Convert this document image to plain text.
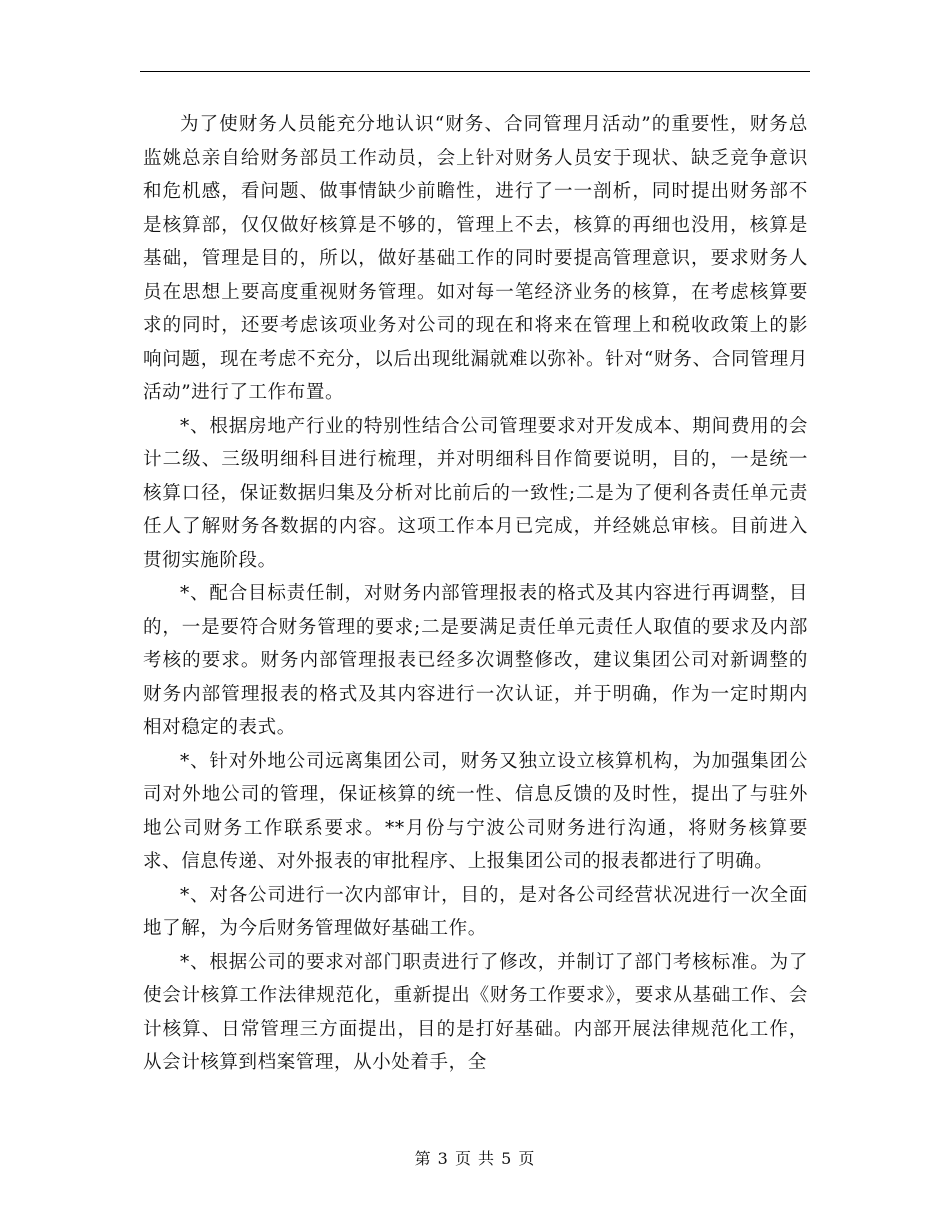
为了使财务人员能充分地认识“财务、合同管理月活动”的重要性，财务总监姚总亲自给财务部员工作动员，会上针对财务人员安于现状、缺乏竞争意识和危机感，看问题、做事情缺少前瞻性，进行了一一剖析，同时提出财务部不是核算部，仅仅做好核算是不够的，管理上不去，核算的再细也没用，核算是基础，管理是目的，所以，做好基础工作的同时要提高管理意识，要求财务人员在思想上要高度重视财务管理。如对每一笔经济业务的核算，在考虑核算要求的同时，还要考虑该项业务对公司的现在和将来在管理上和税收政策上的影响问题，现在考虑不充分，以后出现纰漏就难以弥补。针对“财务、合同管理月活动”进行了工作布置。

*、根据房地产行业的特别性结合公司管理要求对开发成本、期间费用的会计二级、三级明细科目进行梳理，并对明细科目作简要说明，目的，一是统一核算口径，保证数据归集及分析对比前后的一致性;二是为了便利各责任单元责任人了解财务各数据的内容。这项工作本月已完成，并经姚总审核。目前进入贯彻实施阶段。

*、配合目标责任制，对财务内部管理报表的格式及其内容进行再调整，目的，一是要符合财务管理的要求;二是要满足责任单元责任人取值的要求及内部考核的要求。财务内部管理报表已经多次调整修改，建议集团公司对新调整的财务内部管理报表的格式及其内容进行一次认证，并于明确，作为一定时期内相对稳定的表式。

*、针对外地公司远离集团公司，财务又独立设立核算机构，为加强集团公司对外地公司的管理，保证核算的统一性、信息反馈的及时性，提出了与驻外地公司财务工作联系要求。**月份与宁波公司财务进行沟通，将财务核算要求、信息传递、对外报表的审批程序、上报集团公司的报表都进行了明确。

*、对各公司进行一次内部审计，目的，是对各公司经营状况进行一次全面地了解，为今后财务管理做好基础工作。

*、根据公司的要求对部门职责进行了修改，并制订了部门考核标准。为了使会计核算工作法律规范化，重新提出《财务工作要求》，要求从基础工作、会计核算、日常管理三方面提出，目的是打好基础。内部开展法律规范化工作，从会计核算到档案管理，从小处着手，全

第 3 页 共 5 页
